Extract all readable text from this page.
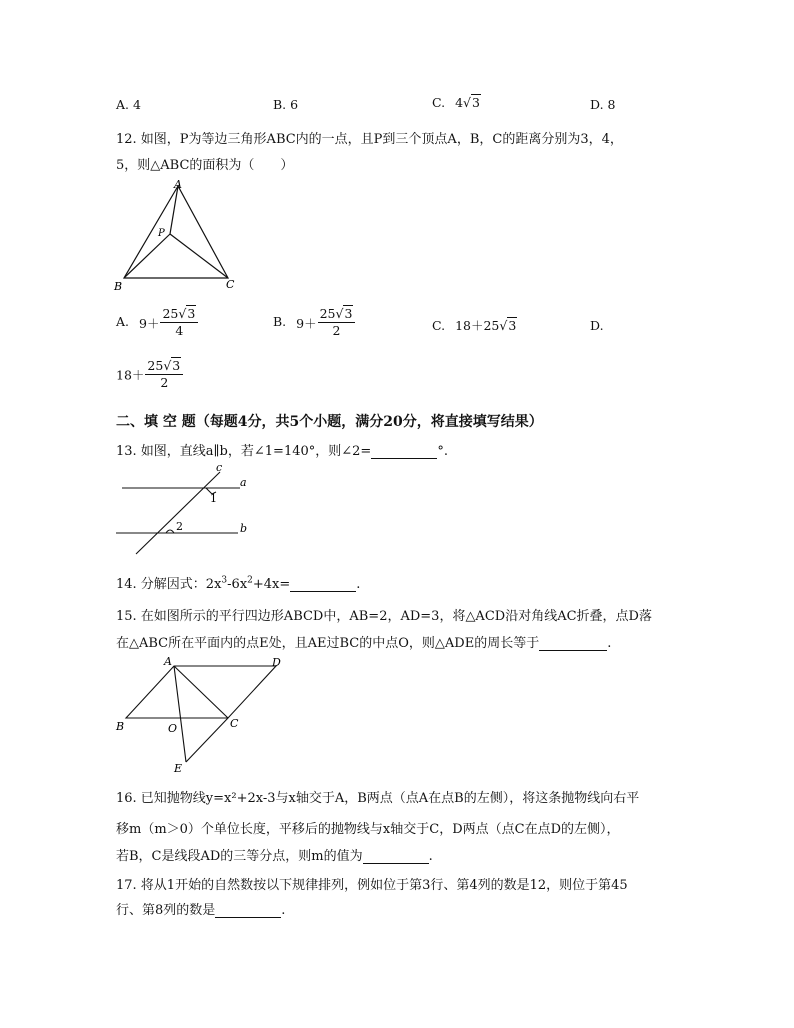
A. 4	B. 6	C. 4√3	D. 8
12. 如图，P为等边三角形ABC内的一点，且P到三个顶点A，B，C的距离分别为3，4，
5，则△ABC的面积为（　　）
A
B	C
P
A. $9+ \frac{25√3}{4}$	B. $9+ \frac{25√3}{2}$	C. 18＋25√3	D.
$18+ \frac{25√3}{2}$
二、填 空 题（每题4分，共5个小题，满分20分，将直接填写结果）
13. 如图，直线a∥b，若∠1=140°，则∠2=	°.
c
a
b
1
2
14. 分解因式：$2x^3-6x^2+4x=$	.
15. 在如图所示的平行四边形ABCD中，AB=2，AD=3，将△ACD沿对角线AC折叠，点D落
在△ABC所在平面内的点E处，且AE过BC的中点O，则△ADE的周长等于	.
A	D
B	C
O
E
16. 已知抛物线y=x²+2x-3与x轴交于A，B两点（点A在点B的左侧），将这条抛物线向右平
移m（m＞0）个单位长度，平移后的抛物线与x轴交于C，D两点（点C在点D的左侧），
若B，C是线段AD的三等分点，则m的值为	.
17. 将从1开始的自然数按以下规律排列，例如位于第3行、第4列的数是12，则位于第45
行、第8列的数是	.
